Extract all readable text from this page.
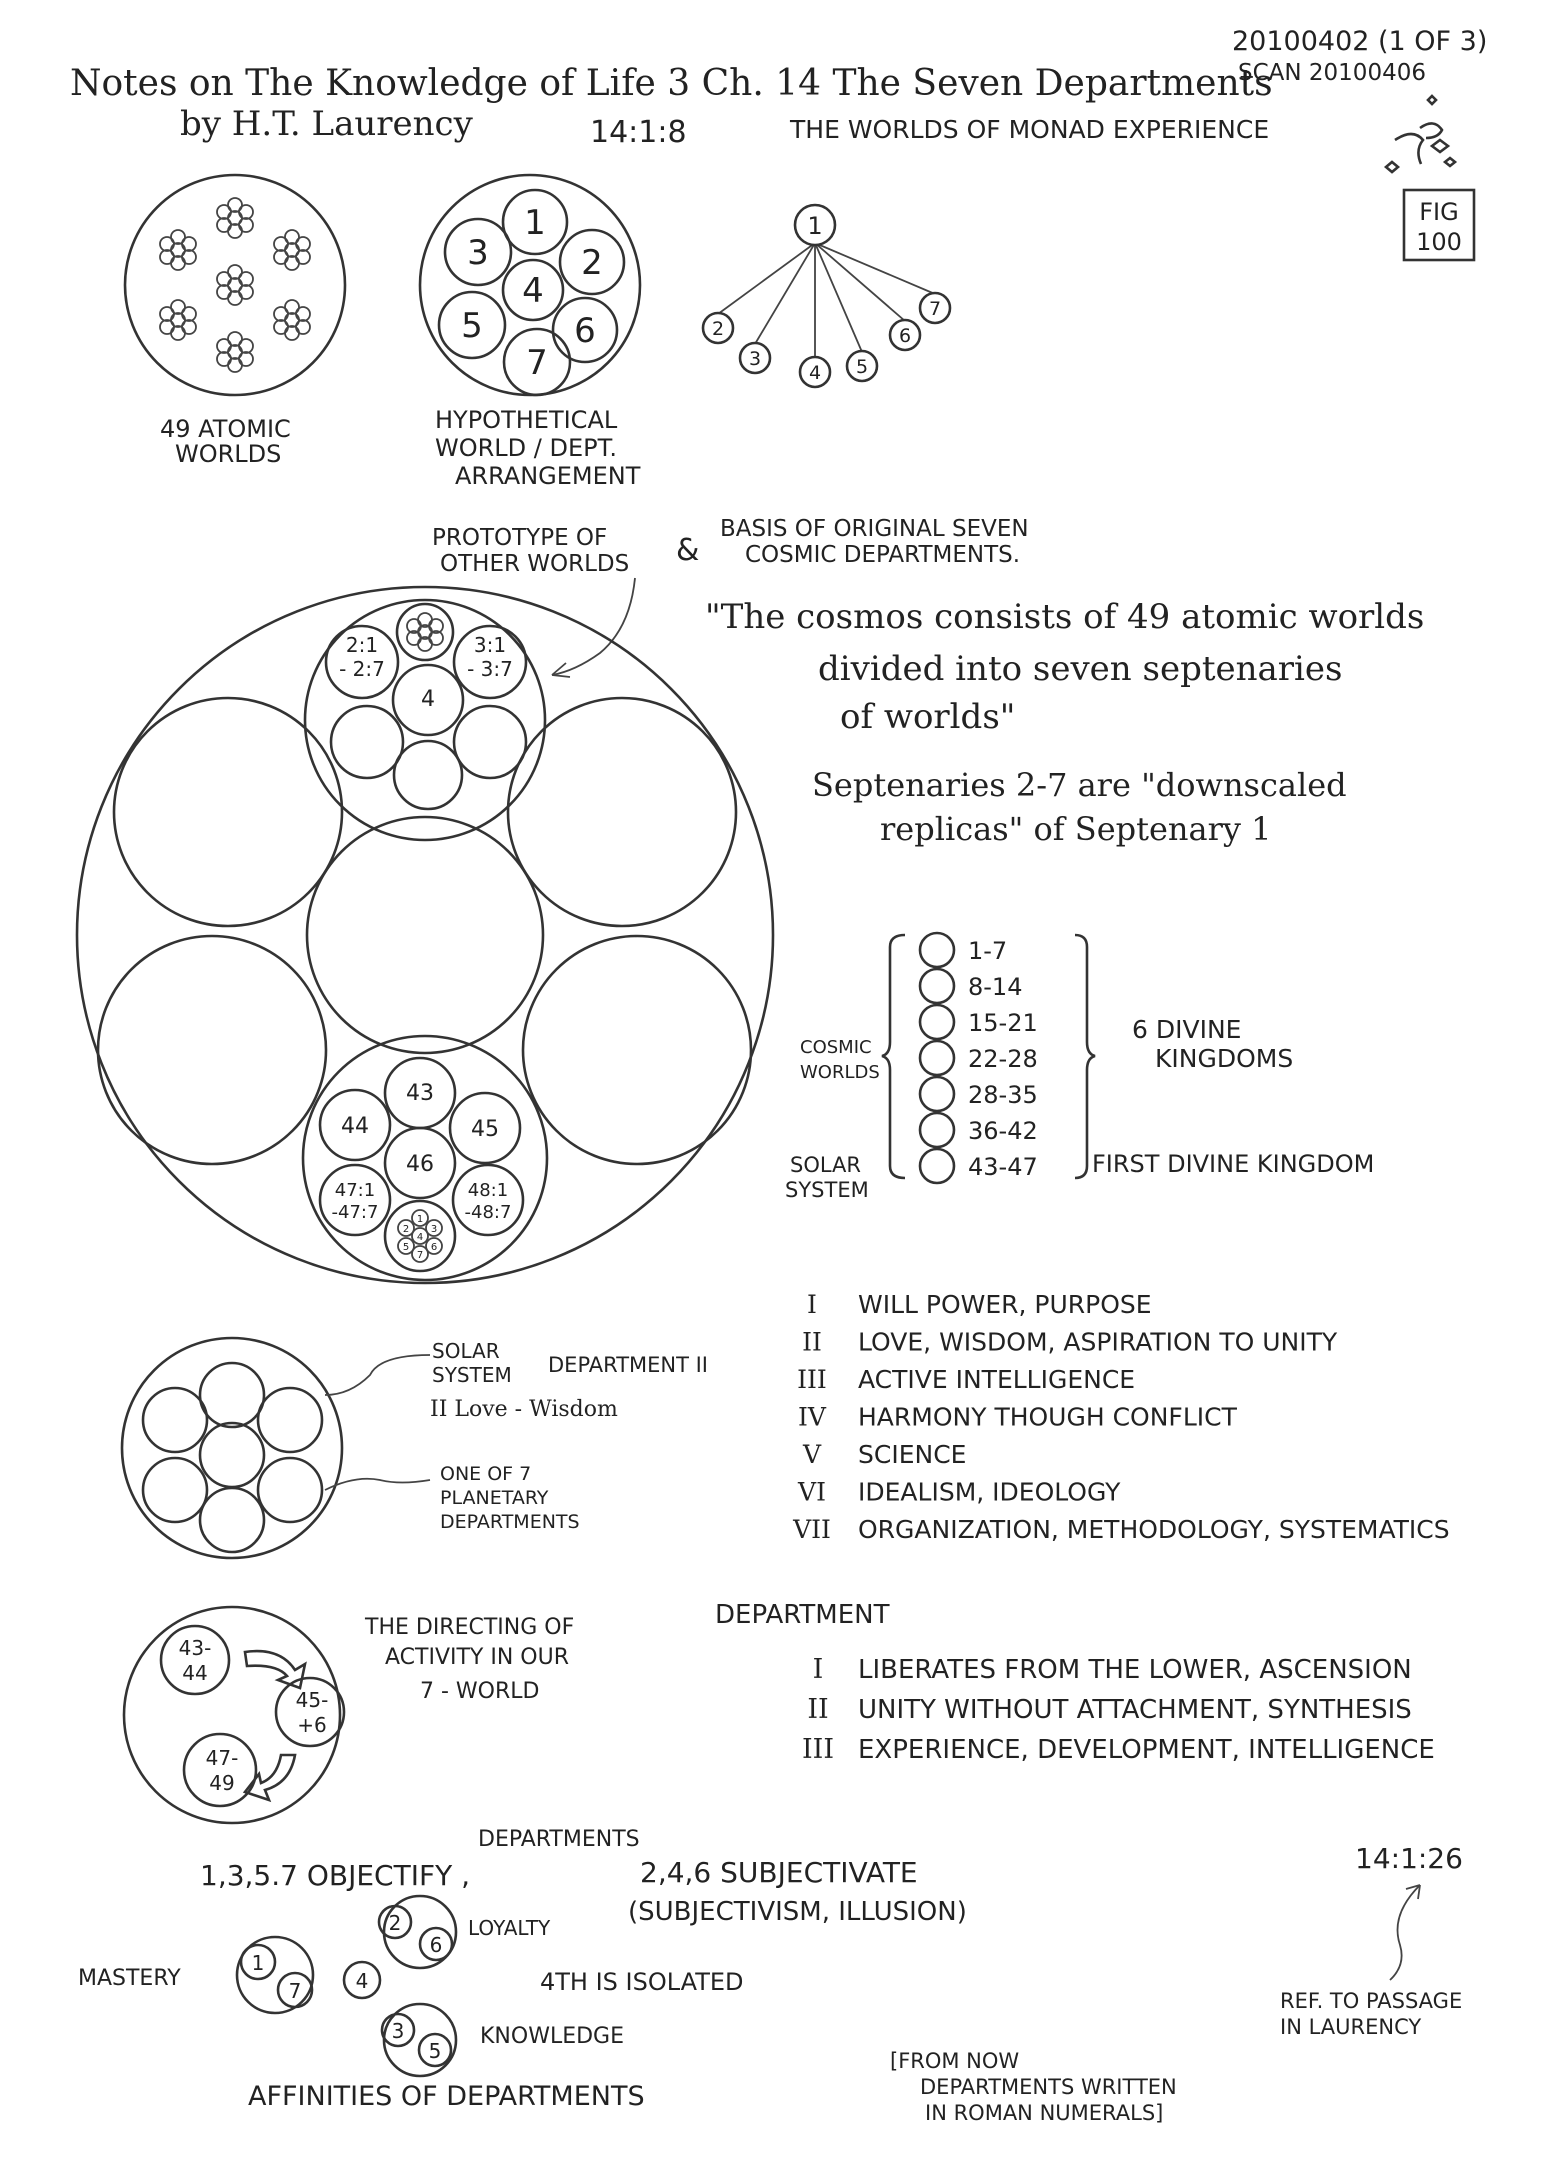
Notes on The Knowledge of Life 3 Ch. 14 The Seven Departments
by H.T. Laurency	14:1:8	THE WORLDS OF MONAD EXPERIENCE
20100402 (1 OF 3)
SCAN 20100406
FIG
100
49 ATOMIC
WORLDS
1
2
3
4
5	6
7
HYPOTHETICAL
WORLD / DEPT.
ARRANGEMENT
1
2
3
4 5
6
7
PROTOTYPE OF
OTHER WORLDS &
BASIS OF ORIGINAL SEVEN
COSMIC DEPARTMENTS.
2:1
- 2:7
3:1
- 3:7
4
43
44	45
46
47:1
-47:7
48:1
-48:7
1
2 3
4
5 6
7
"The cosmos consists of 49 atomic worlds
divided into seven septenaries
of worlds"
Septenaries 2-7 are "downscaled
replicas" of Septenary 1
1-7
8-14
15-21
22-28
28-35
36-42
43-47
COSMIC
WORLDS
6 DIVINE
KINGDOMS
SOLAR
SYSTEM
FIRST DIVINE KINGDOM
SOLAR
SYSTEM DEPARTMENT II
II Love - Wisdom
ONE OF 7
PLANETARY
DEPARTMENTS
I WILL POWER, PURPOSE
II LOVE, WISDOM, ASPIRATION TO UNITY
III ACTIVE INTELLIGENCE
IV HARMONY THOUGH CONFLICT
V SCIENCE
VI IDEALISM, IDEOLOGY
VII ORGANIZATION, METHODOLOGY, SYSTEMATICS
43-
44
45-
+6
47-
49
THE DIRECTING OF
ACTIVITY IN OUR
7 - WORLD
DEPARTMENT
I LIBERATES FROM THE LOWER, ASCENSION
II UNITY WITHOUT ATTACHMENT, SYNTHESIS
III EXPERIENCE, DEVELOPMENT, INTELLIGENCE
DEPARTMENTS
1,3,5.7 OBJECTIFY ,	2,4,6 SUBJECTIVATE
(SUBJECTIVISM, ILLUSION)
2
6
LOYALTY
1
7
MASTERY	4	4TH IS ISOLATED
3
5
KNOWLEDGE
AFFINITIES OF DEPARTMENTS
14:1:26
REF. TO PASSAGE
IN LAURENCY
[FROM NOW
DEPARTMENTS WRITTEN
IN ROMAN NUMERALS]
